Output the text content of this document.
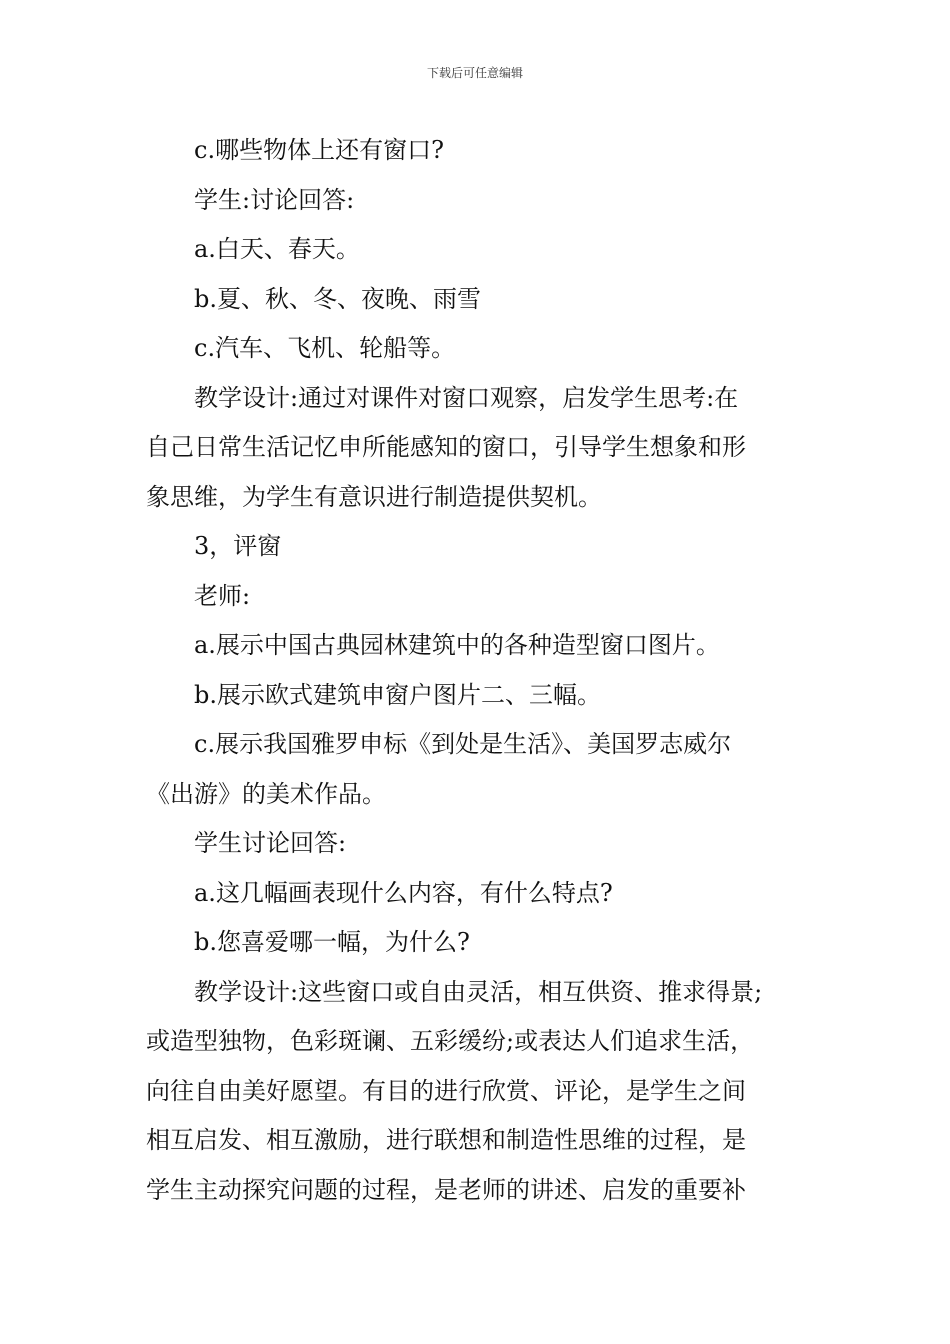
下载后可任意编辑
c.哪些物体上还有窗口?
学生:讨论回答:
a.白天、春天。
b.夏、秋、冬、夜晚、雨雪
c.汽车、飞机、轮船等。
教学设计:通过对课件对窗口观察，启发学生思考:在
自己日常生活记忆申所能感知的窗口，引导学生想象和形
象思维，为学生有意识进行制造提供契机。
3，评窗
老师:
a.展示中国古典园林建筑中的各种造型窗口图片。
b.展示欧式建筑申窗户图片二、三幅。
c.展示我国雅罗申标《到处是生活》、美国罗志威尔
《出游》的美术作品。
学生讨论回答:
a.这几幅画表现什么内容，有什么特点?
b.您喜爱哪一幅，为什么?
教学设计:这些窗口或自由灵活，相互供资、推求得景;
或造型独物，色彩斑谰、五彩缓纷;或表达人们追求生活，
向往自由美好愿望。有目的进行欣赏、评论，是学生之间
相互启发、相互激励，进行联想和制造性思维的过程，是
学生主动探究问题的过程，是老师的讲述、启发的重要补
